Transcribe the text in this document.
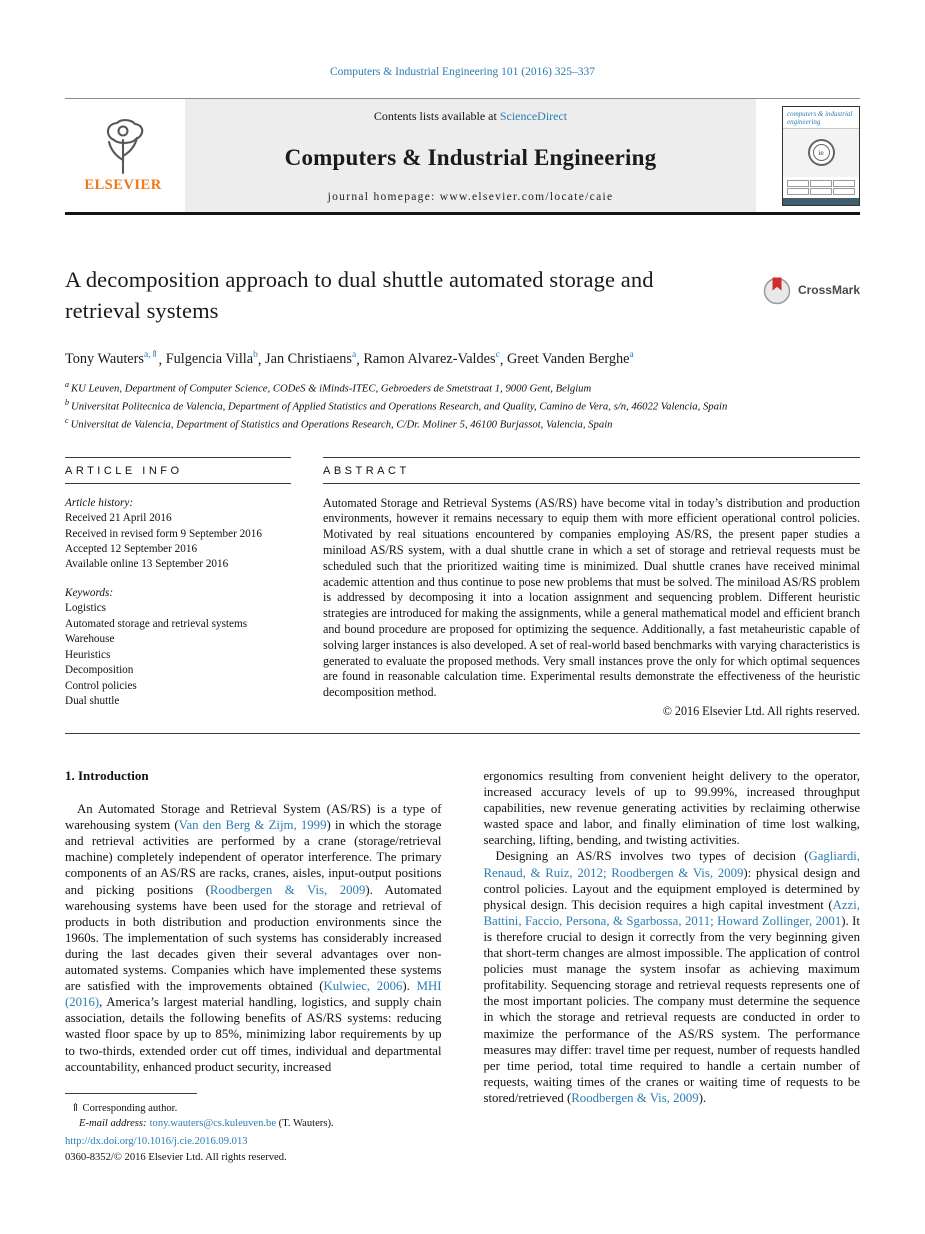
Computers & Industrial Engineering 101 (2016) 325–337
ELSEVIER
Contents lists available at ScienceDirect
Computers & Industrial Engineering
journal homepage: www.elsevier.com/locate/caie
computers & industrial engineering
ie
A decomposition approach to dual shuttle automated storage and retrieval systems
CrossMark
Tony Wauters$^{a,⇑}$, Fulgencia Villa$^b$, Jan Christiaens$^a$, Ramon Alvarez-Valdes$^c$, Greet Vanden Berghe$^a$
$^a$ KU Leuven, Department of Computer Science, CODeS & iMinds-ITEC, Gebroeders de Smetstraat 1, 9000 Gent, Belgium
$^b$ Universitat Politecnica de Valencia, Department of Applied Statistics and Operations Research, and Quality, Camino de Vera, s/n, 46022 Valencia, Spain
$^c$ Universitat de Valencia, Department of Statistics and Operations Research, C/Dr. Moliner 5, 46100 Burjassot, Valencia, Spain
ARTICLE INFO
Article history:
Received 21 April 2016
Received in revised form 9 September 2016
Accepted 12 September 2016
Available online 13 September 2016
Keywords:
Logistics
Automated storage and retrieval systems
Warehouse
Heuristics
Decomposition
Control policies
Dual shuttle
ABSTRACT
Automated Storage and Retrieval Systems (AS/RS) have become vital in today’s distribution and production environments, however it remains necessary to equip them with more efficient operational control policies. Motivated by real situations encountered by companies employing AS/RS, the present paper studies a miniload AS/RS system, with a dual shuttle crane in which a set of storage and retrieval requests must be scheduled such that the prioritized waiting time is minimized. Dual shuttle cranes have received minimal academic attention and thus continue to pose new problems that must be solved. The miniload AS/RS problem is addressed by decomposing it into a location assignment and sequencing problem. Different heuristic strategies are introduced for making the assignments, while a general mathematical model and efficient branch and bound procedure are proposed for optimizing the sequence. Additionally, a fast metaheuristic capable of solving larger instances is also developed. A set of real-world based benchmarks with varying characteristics is generated to evaluate the proposed methods. Very small instances prove the only for which optimal sequences are found in reasonable calculation time. Experimental results demonstrate the effectiveness of the heuristic decomposition method.
© 2016 Elsevier Ltd. All rights reserved.
1. Introduction

An Automated Storage and Retrieval System (AS/RS) is a type of warehousing system (Van den Berg & Zijm, 1999) in which the storage and retrieval activities are performed by a crane (storage/retrieval machine) completely independent of operator interference. The primary components of an AS/RS are racks, cranes, aisles, input-output positions and picking positions (Roodbergen & Vis, 2009). Automated warehousing systems have been used for the storage and retrieval of products in both distribution and production environments since the 1960s. The implementation of such systems has considerably increased during the last decades given their several advantages over non-automated systems. Companies which have implemented these systems are satisfied with the improvements obtained (Kulwiec, 2006). MHI (2016), America’s largest material handling, logistics, and supply chain association, details the following benefits of AS/RS systems: reducing wasted floor space by up to 85%, minimizing labor requirements by up to two-thirds, extended order cut off times, individual and departmental accountability, enhanced product security, increased

⇑ Corresponding author.
E-mail address: tony.wauters@cs.kuleuven.be (T. Wauters).

ergonomics resulting from convenient height delivery to the operator, increased accuracy levels of up to 99.99%, increased throughput capabilities, new revenue generating activities by reclaiming otherwise wasted space and labor, and finally elimination of time lost walking, searching, lifting, bending, and twisting activities.

Designing an AS/RS involves two types of decision (Gagliardi, Renaud, & Ruiz, 2012; Roodbergen & Vis, 2009): physical design and control policies. Layout and the equipment employed is determined by physical design. This decision requires a high capital investment (Azzi, Battini, Faccio, Persona, & Sgarbossa, 2011; Howard Zollinger, 2001). It is therefore crucial to design it correctly from the very beginning given that short-term changes are almost impossible. The application of control policies must manage the system insofar as achieving maximum profitability. Sequencing storage and retrieval requests represents one of the most important policies. The company must determine the sequence in which the storage and retrieval requests are conducted in order to maximize the performance of the AS/RS system. The performance measures may differ: travel time per request, number of requests handled per time period, total time required to handle a certain number of requests, waiting times of the cranes or waiting time of requests to be stored/retrieved (Roodbergen & Vis, 2009).

http://dx.doi.org/10.1016/j.cie.2016.09.013
0360-8352/© 2016 Elsevier Ltd. All rights reserved.
